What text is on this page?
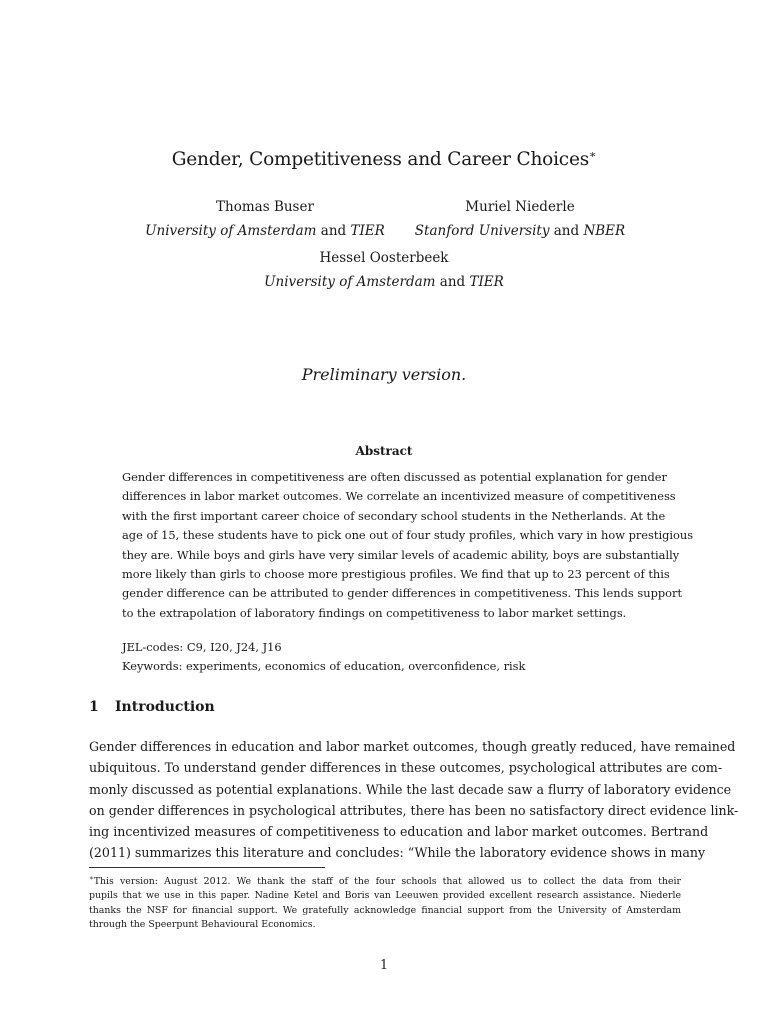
Gender, Competitiveness and Career Choices∗
Thomas Buser
University of Amsterdam and TIER
Muriel Niederle
Stanford University and NBER
Hessel Oosterbeek
University of Amsterdam and TIER
Preliminary version.
Abstract
Gender differences in competitiveness are often discussed as potential explanation for gender
differences in labor market outcomes. We correlate an incentivized measure of competitiveness
with the first important career choice of secondary school students in the Netherlands. At the
age of 15, these students have to pick one out of four study profiles, which vary in how prestigious
they are. While boys and girls have very similar levels of academic ability, boys are substantially
more likely than girls to choose more prestigious profiles. We find that up to 23 percent of this
gender difference can be attributed to gender differences in competitiveness. This lends support
to the extrapolation of laboratory findings on competitiveness to labor market settings.
JEL-codes: C9, I20, J24, J16
Keywords: experiments, economics of education, overconfidence, risk
1 Introduction
Gender differences in education and labor market outcomes, though greatly reduced, have remained
ubiquitous. To understand gender differences in these outcomes, psychological attributes are com-
monly discussed as potential explanations. While the last decade saw a flurry of laboratory evidence
on gender differences in psychological attributes, there has been no satisfactory direct evidence link-
ing incentivized measures of competitiveness to education and labor market outcomes. Bertrand
(2011) summarizes this literature and concludes: “While the laboratory evidence shows in many
∗This version: August 2012. We thank the staff of the four schools that allowed us to collect the data from their
pupils that we use in this paper. Nadine Ketel and Boris van Leeuwen provided excellent research assistance. Niederle
thanks the NSF for financial support. We gratefully acknowledge financial support from the University of Amsterdam
through the Speerpunt Behavioural Economics.
1
